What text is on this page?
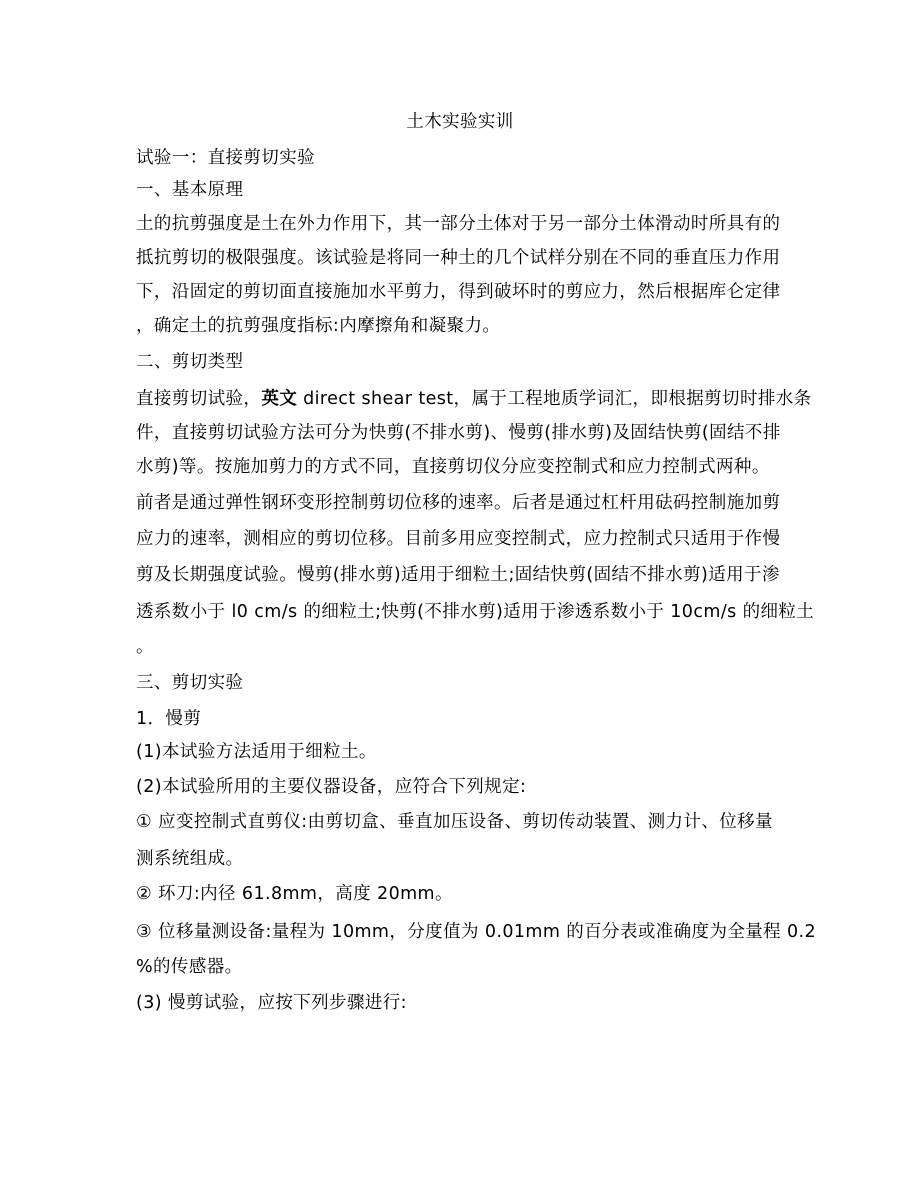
土木实验实训
试验一：直接剪切实验
一、基本原理
土的抗剪强度是土在外力作用下，其一部分土体对于另一部分土体滑动时所具有的
抵抗剪切的极限强度。该试验是将同一种土的几个试样分别在不同的垂直压力作用
下，沿固定的剪切面直接施加水平剪力，得到破坏时的剪应力，然后根据库仑定律
，确定土的抗剪强度指标:内摩擦角和凝聚力。
二、剪切类型
直接剪切试验，英文 direct shear test，属于工程地质学词汇，即根据剪切时排水条
件，直接剪切试验方法可分为快剪(不排水剪)、慢剪(排水剪)及固结快剪(固结不排
水剪)等。按施加剪力的方式不同，直接剪切仪分应变控制式和应力控制式两种。
前者是通过弹性钢环变形控制剪切位移的速率。后者是通过杠杆用砝码控制施加剪
应力的速率，测相应的剪切位移。目前多用应变控制式，应力控制式只适用于作慢
剪及长期强度试验。慢剪(排水剪)适用于细粒土;固结快剪(固结不排水剪)适用于渗
透系数小于 l0 cm/s 的细粒土;快剪(不排水剪)适用于渗透系数小于 10cm/s 的细粒土
。
三、剪切实验
1．慢剪
(1)本试验方法适用于细粒土。
(2)本试验所用的主要仪器设备，应符合下列规定:
① 应变控制式直剪仪:由剪切盒、垂直加压设备、剪切传动装置、测力计、位移量
测系统组成。
② 环刀:内径 61.8mm，高度 20mm。
③ 位移量测设备:量程为 10mm，分度值为 0.01mm 的百分表或准确度为全量程 0.2
%的传感器。
(3) 慢剪试验，应按下列步骤进行:
